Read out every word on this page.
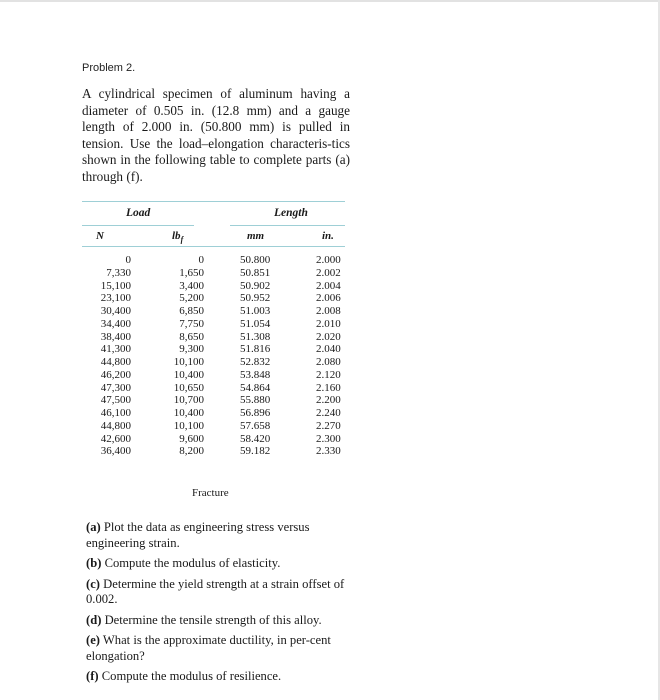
Problem 2.
A cylindrical specimen of aluminum having a diameter of 0.505 in. (12.8 mm) and a gauge length of 2.000 in. (50.800 mm) is pulled in tension. Use the load–elongation characteris-tics shown in the following table to complete parts (a) through (f).
Load	Length
N	$lb_f$	mm	in.
0	0	50.800	2.000
7,330	1,650	50.851	2.002
15,100	3,400	50.902	2.004
23,100	5,200	50.952	2.006
30,400	6,850	51.003	2.008
34,400	7,750	51.054	2.010
38,400	8,650	51.308	2.020
41,300	9,300	51.816	2.040
44,800	10,100	52.832	2.080
46,200	10,400	53.848	2.120
47,300	10,650	54.864	2.160
47,500	10,700	55.880	2.200
46,100	10,400	56.896	2.240
44,800	10,100	57.658	2.270
42,600	9,600	58.420	2.300
36,400	8,200	59.182	2.330
Fracture
(a) Plot the data as engineering stress versus engineering strain.
(b) Compute the modulus of elasticity.
(c) Determine the yield strength at a strain offset of 0.002.
(d) Determine the tensile strength of this alloy.
(e) What is the approximate ductility, in per-cent elongation?
(f) Compute the modulus of resilience.
